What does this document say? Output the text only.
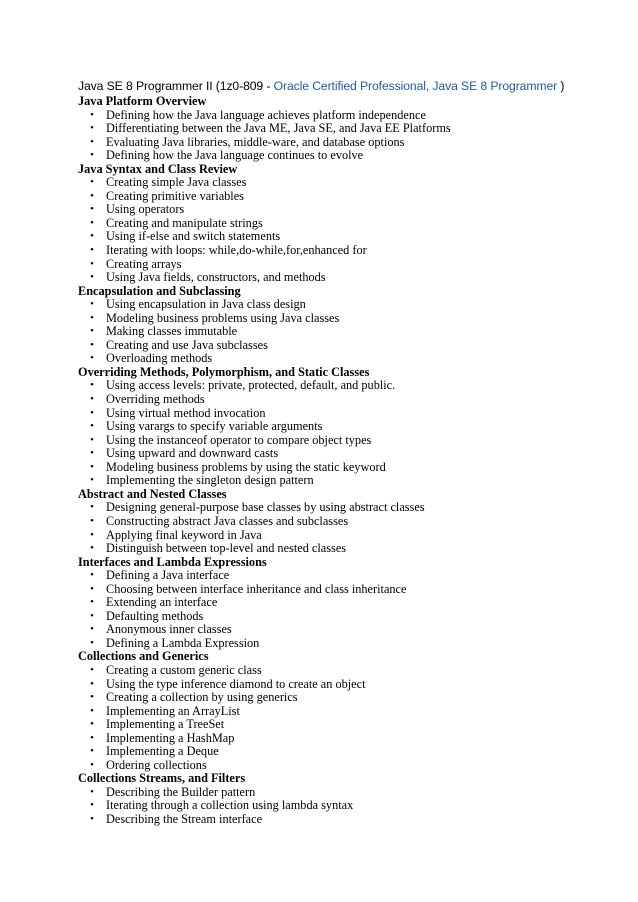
Java SE 8 Programmer II (1z0-809 - Oracle Certified Professional, Java SE 8 Programmer )
Java Platform Overview
• Defining how the Java language achieves platform independence
• Differentiating between the Java ME, Java SE, and Java EE Platforms
• Evaluating Java libraries, middle-ware, and database options
• Defining how the Java language continues to evolve
Java Syntax and Class Review
• Creating simple Java classes
• Creating primitive variables
• Using operators
• Creating and manipulate strings
• Using if-else and switch statements
• Iterating with loops: while,do-while,for,enhanced for
• Creating arrays
• Using Java fields, constructors, and methods
Encapsulation and Subclassing
• Using encapsulation in Java class design
• Modeling business problems using Java classes
• Making classes immutable
• Creating and use Java subclasses
• Overloading methods
Overriding Methods, Polymorphism, and Static Classes
• Using access levels: private, protected, default, and public.
• Overriding methods
• Using virtual method invocation
• Using varargs to specify variable arguments
• Using the instanceof operator to compare object types
• Using upward and downward casts
• Modeling business problems by using the static keyword
• Implementing the singleton design pattern
Abstract and Nested Classes
• Designing general-purpose base classes by using abstract classes
• Constructing abstract Java classes and subclasses
• Applying final keyword in Java
• Distinguish between top-level and nested classes
Interfaces and Lambda Expressions
• Defining a Java interface
• Choosing between interface inheritance and class inheritance
• Extending an interface
• Defaulting methods
• Anonymous inner classes
• Defining a Lambda Expression
Collections and Generics
• Creating a custom generic class
• Using the type inference diamond to create an object
• Creating a collection by using generics
• Implementing an ArrayList
• Implementing a TreeSet
• Implementing a HashMap
• Implementing a Deque
• Ordering collections
Collections Streams, and Filters
• Describing the Builder pattern
• Iterating through a collection using lambda syntax
• Describing the Stream interface
